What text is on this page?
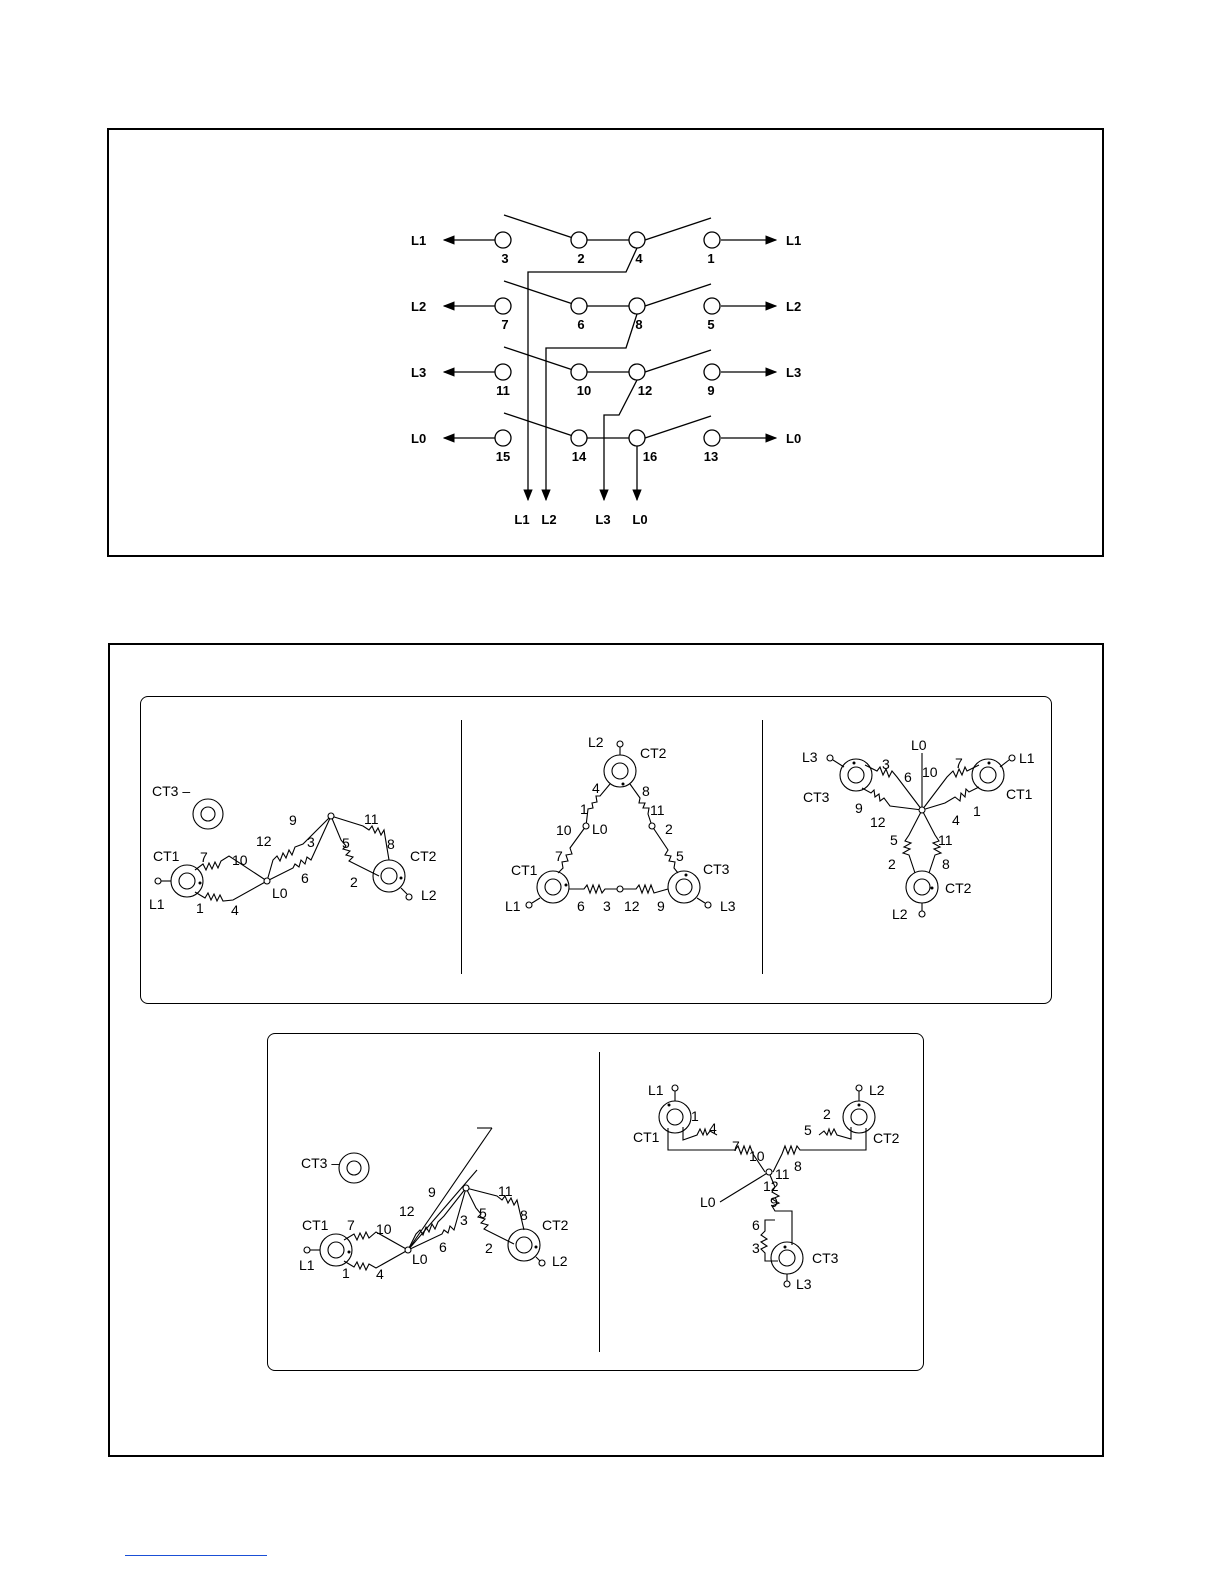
L1
L2
L3
L0
L1
L2
L3
L0
3	2	4	1
7	6	8	5
11	10	12	9
15	14	16	13
L1 L2	L3 L0
CT3 –
CT1	CT2
L1
L2
L0
7 10
1 4
12
9
3
6
11
5	8
2
L2
CT2
CT1	CT3
L1	L3
L0
4	8
1	11
10	2
7	5
6 3 12 9
L3
L0
L1
CT3	CT1
CT2
L2
3
6 10
7
9
12	4
1
5	11
2	8
CT3 –
CT1	CT2
L1	L2
L0
7 10
1 4
12
9
3
6
11
5 8
2
L1	L2
CT1	CT2
CT3
L3
L0
1
4
2
5
7
10
11 8
12
9
6
3
